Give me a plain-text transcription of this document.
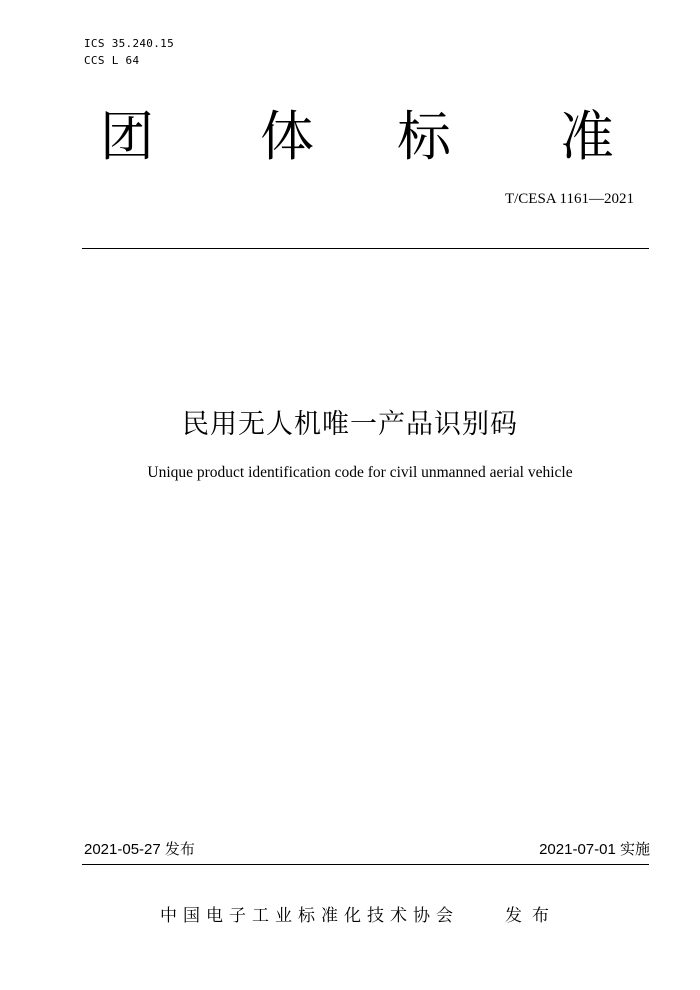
ICS 35.240.15
CCS L 64
团 体 标 准
T/CESA 1161—2021
民用无人机唯一产品识别码
Unique product identification code for civil unmanned aerial vehicle
2021-05-27 发布	2021-07-01 实施
中国电子工业标准化技术协会	发布
